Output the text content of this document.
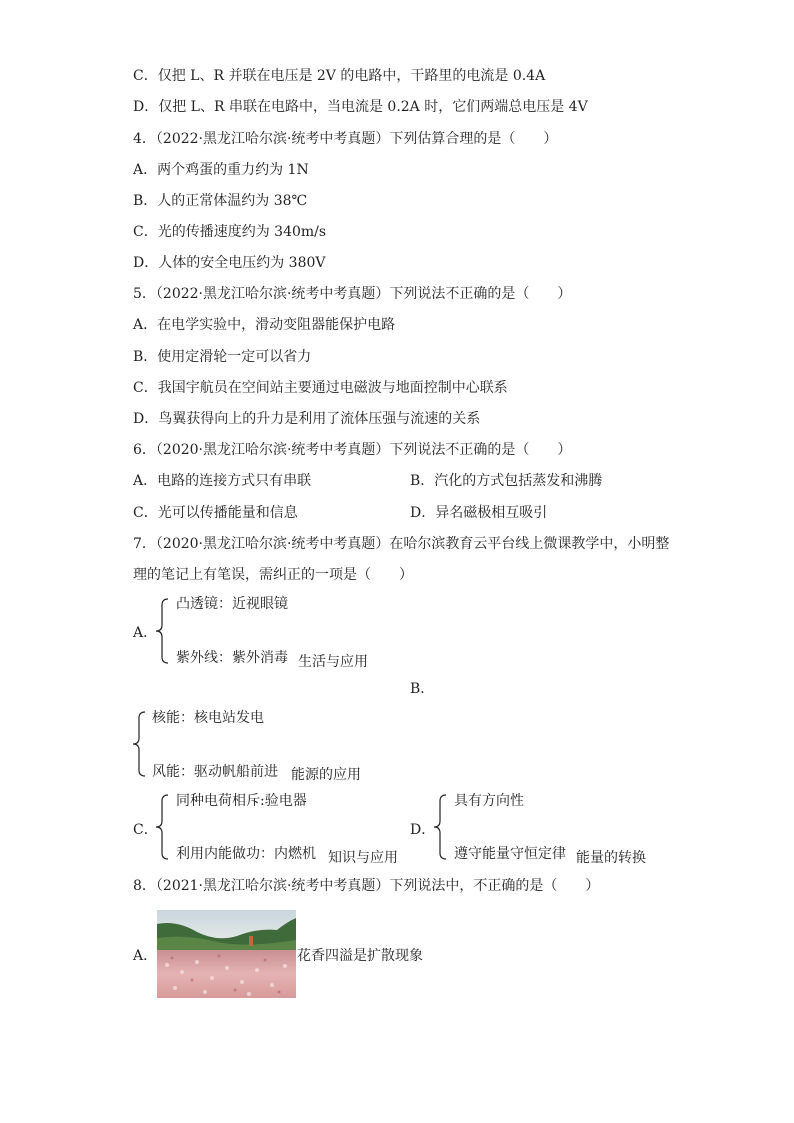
C．仅把 L、R 并联在电压是 2V 的电路中，干路里的电流是 0.4A
D．仅把 L、R 串联在电路中，当电流是 0.2A 时，它们两端总电压是 4V
4．（2022·黑龙江哈尔滨·统考中考真题）下列估算合理的是（　　）
A．两个鸡蛋的重力约为 1N
B．人的正常体温约为 38℃
C．光的传播速度约为 340m/s
D．人体的安全电压约为 380V
5．（2022·黑龙江哈尔滨·统考中考真题）下列说法不正确的是（　　）
A．在电学实验中，滑动变阻器能保护电路
B．使用定滑轮一定可以省力
C．我国宇航员在空间站主要通过电磁波与地面控制中心联系
D．鸟翼获得向上的升力是利用了流体压强与流速的关系
6．（2020·黑龙江哈尔滨·统考中考真题）下列说法不正确的是（　　）
A．电路的连接方式只有串联	B．汽化的方式包括蒸发和沸腾
C．光可以传播能量和信息	D．异名磁极相互吸引
7．（2020·黑龙江哈尔滨·统考中考真题）在哈尔滨教育云平台线上微课教学中，小明整
理的笔记上有笔误，需纠正的一项是（　　）
A．
凸透镜：近视眼镜
紫外线：紫外消毒 生活与应用
B．
核能：核电站发电
风能：驱动帆船前进 能源的应用
C．
同种电荷相斥:验电器
利用内能做功：内燃机 知识与应用
D．
具有方向性
遵守能量守恒定律 能量的转换
8．（2021·黑龙江哈尔滨·统考中考真题）下列说法中，不正确的是（　　）
A．	花香四溢是扩散现象
